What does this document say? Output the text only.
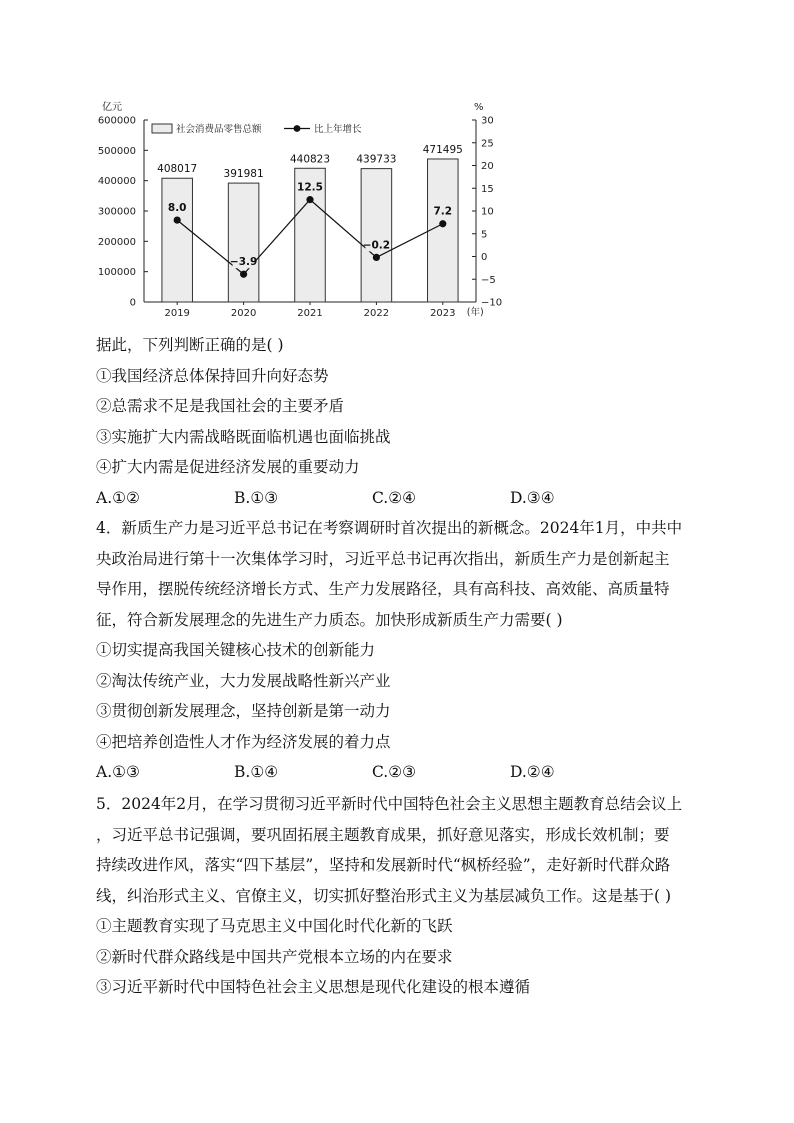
0
100000
200000
300000
400000
500000
600000
−10
−5
0
5
10
15
20
25
30
亿元	%
408017	391981
440823	439733
471495
2019	2020	2021	2022	2023 (年)
8.0
−3.9
12.5
−0.2
7.2
社会消费品零售总额	比上年增长
据此，下列判断正确的是( )
①我国经济总体保持回升向好态势
②总需求不足是我国社会的主要矛盾
③实施扩大内需战略既面临机遇也面临挑战
④扩大内需是促进经济发展的重要动力
A.①②	B.①③	C.②④	D.③④
4．新质生产力是习近平总书记在考察调研时首次提出的新概念。2024年1月，中共中
央政治局进行第十一次集体学习时，习近平总书记再次指出，新质生产力是创新起主
导作用，摆脱传统经济增长方式、生产力发展路径，具有高科技、高效能、高质量特
征，符合新发展理念的先进生产力质态。加快形成新质生产力需要( )
①切实提高我国关键核心技术的创新能力
②淘汰传统产业，大力发展战略性新兴产业
③贯彻创新发展理念，坚持创新是第一动力
④把培养创造性人才作为经济发展的着力点
A.①③	B.①④	C.②③	D.②④
5．2024年2月，在学习贯彻习近平新时代中国特色社会主义思想主题教育总结会议上
，习近平总书记强调，要巩固拓展主题教育成果，抓好意见落实，形成长效机制；要
持续改进作风，落实“四下基层”，坚持和发展新时代“枫桥经验”，走好新时代群众路
线，纠治形式主义、官僚主义，切实抓好整治形式主义为基层减负工作。这是基于( )
①主题教育实现了马克思主义中国化时代化新的飞跃
②新时代群众路线是中国共产党根本立场的内在要求
③习近平新时代中国特色社会主义思想是现代化建设的根本遵循
